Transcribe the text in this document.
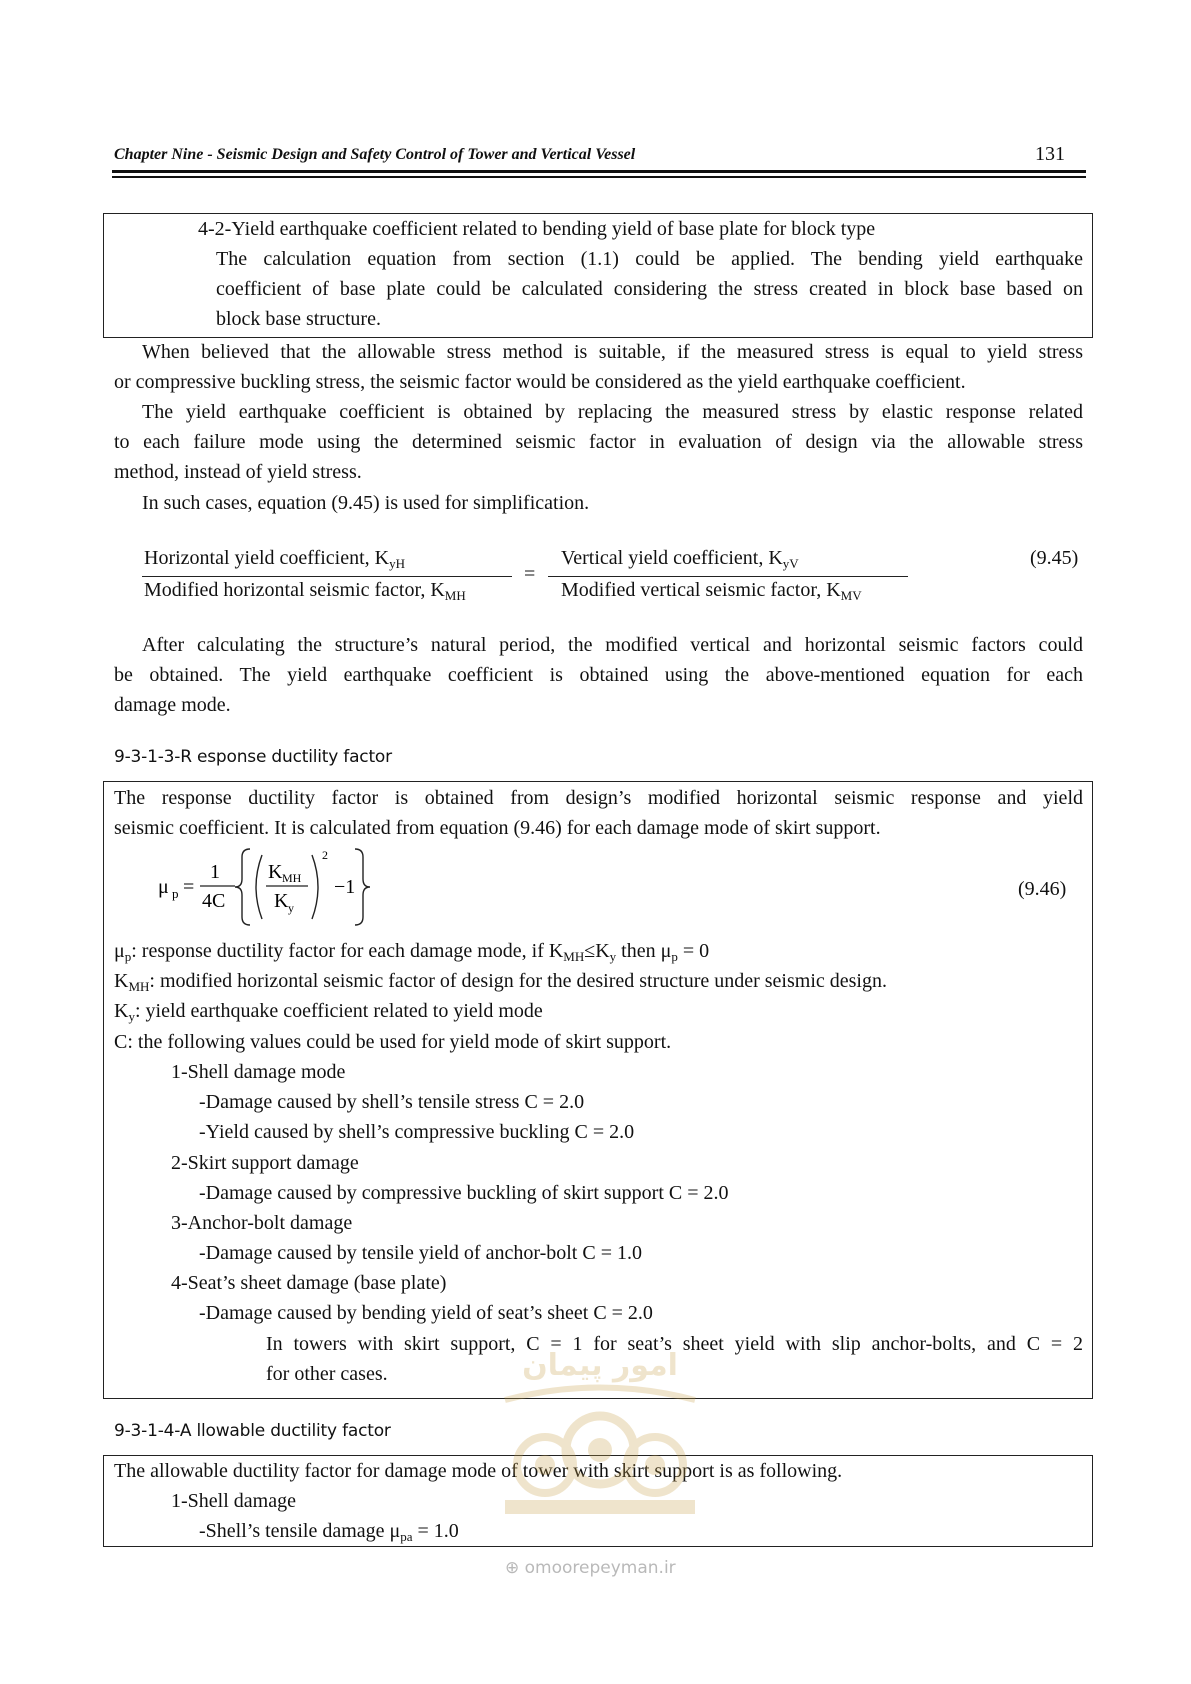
Chapter Nine - Seismic Design and Safety Control of Tower and Vertical Vessel	131
4-2-Yield earthquake coefficient related to bending yield of base plate for block type
The calculation equation from section (1.1) could be applied. The bending yield earthquake
coefficient of base plate could be calculated considering the stress created in block base based on
block base structure.
When believed that the allowable stress method is suitable, if the measured stress is equal to yield stress
or compressive buckling stress, the seismic factor would be considered as the yield earthquake coefficient.
The yield earthquake coefficient is obtained by replacing the measured stress by elastic response related
to each failure mode using the determined seismic factor in evaluation of design via the allowable stress
method, instead of yield stress.
In such cases, equation (9.45) is used for simplification.
Horizontal yield coefficient, $K_{yH}$
Modified horizontal seismic factor, $K_{MH}$
=
Vertical yield coefficient, $K_{yV}$
Modified vertical seismic factor, $K_{MV}$
(9.45)
After calculating the structure’s natural period, the modified vertical and horizontal seismic factors could
be obtained. The yield earthquake coefficient is obtained using the above-mentioned equation for each
damage mode.
9-3-1-3-R esponse ductility factor
The response ductility factor is obtained from design’s modified horizontal seismic response and yield
seismic coefficient. It is calculated from equation (9.46) for each damage mode of skirt support.
μ p =
1
4C
K MH
K y
2
−1	(9.46)
$\mu_p$: response ductility factor for each damage mode, if $K_{MH}\le K_y$ then $\mu_p = 0$
$K_{MH}$: modified horizontal seismic factor of design for the desired structure under seismic design.
$K_y$: yield earthquake coefficient related to yield mode
C: the following values could be used for yield mode of skirt support.
1-Shell damage mode
-Damage caused by shell’s tensile stress C = 2.0
-Yield caused by shell’s compressive buckling C = 2.0
2-Skirt support damage
-Damage caused by compressive buckling of skirt support C = 2.0
3-Anchor-bolt damage
-Damage caused by tensile yield of anchor-bolt C = 1.0
4-Seat’s sheet damage (base plate)
-Damage caused by bending yield of seat’s sheet C = 2.0
In towers with skirt support, C = 1 for seat’s sheet yield with slip anchor-bolts, and C = 2
for other cases.
9-3-1-4-A llowable ductility factor
The allowable ductility factor for damage mode of tower with skirt support is as following.
1-Shell damage
-Shell’s tensile damage $\mu_{pa} = 1.0$
امور پیمان
⊕ omoorepeyman.ir
